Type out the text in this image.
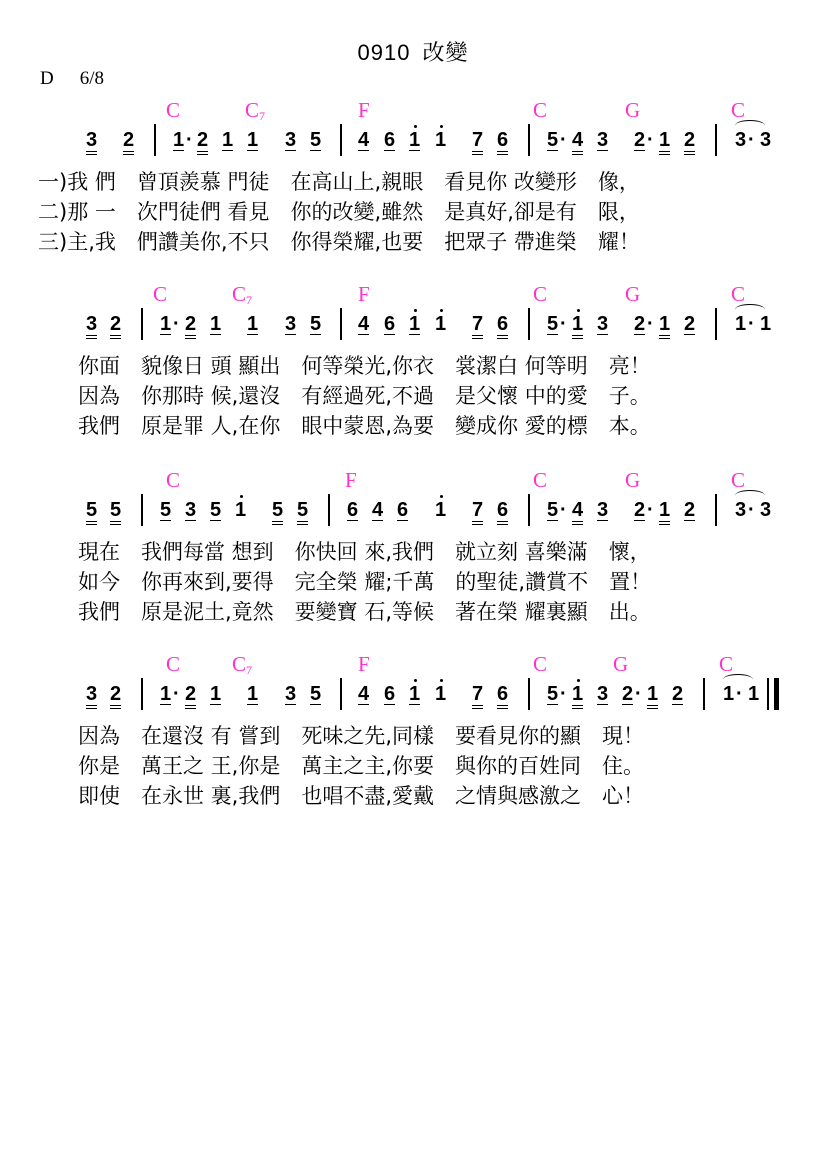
0910 改變
D 6/8
C	$C_7$	F	C	G	C
3 2 1 · 2 1 1 3 5 4 6 1 1 7 6 5 · 4 3 2 · 1 2 3 · 3
一)我 們　曾頂羨慕 門徒　在高山上,親眼　看見你 改變形　像，
二)那 一　次門徒們 看見　你的改變,雖然　是真好,卻是有　限，
三)主,我　們讚美你,不只　你得榮耀,也要　把眾子 帶進榮　耀！
C	$C_7$	F	C	G	C
3 2 1 · 2 1 1 3 5 4 6 1 1 7 6 5 · 1 3 2 · 1 2 1 · 1
你面　貌像日 頭 顯出　何等榮光,你衣　裳潔白 何等明　亮！
因為　你那時 候,還沒　有經過死,不過　是父懷 中的愛　子。
我們　原是罪 人,在你　眼中蒙恩,為要　變成你 愛的標　本。
C	F	C	G	C
5 5 5 3 5 1 5 5 6 4 6 1 7 6 5 · 4 3 2 · 1 2 3 · 3
現在　我們每當 想到　你快回 來,我們　就立刻 喜樂滿　懷，
如今　你再來到,要得　完全榮 耀;千萬　的聖徒,讚賞不　置！
我們　原是泥土,竟然　要變寶 石,等候　著在榮 耀裏顯　出。
C $C_7$	F	C	G	C
3 2 1 · 2 1 1 3 5 4 6 1 1 7 6 5 · 1 3 2 · 1 2 1 · 1
因為　在還沒 有 嘗到　死味之先,同樣　要看見你的顯　現！
你是　萬王之 王,你是　萬主之主,你要　與你的百姓同　住。
即使　在永世 裏,我們　也唱不盡,愛戴　之情與感激之　心！
